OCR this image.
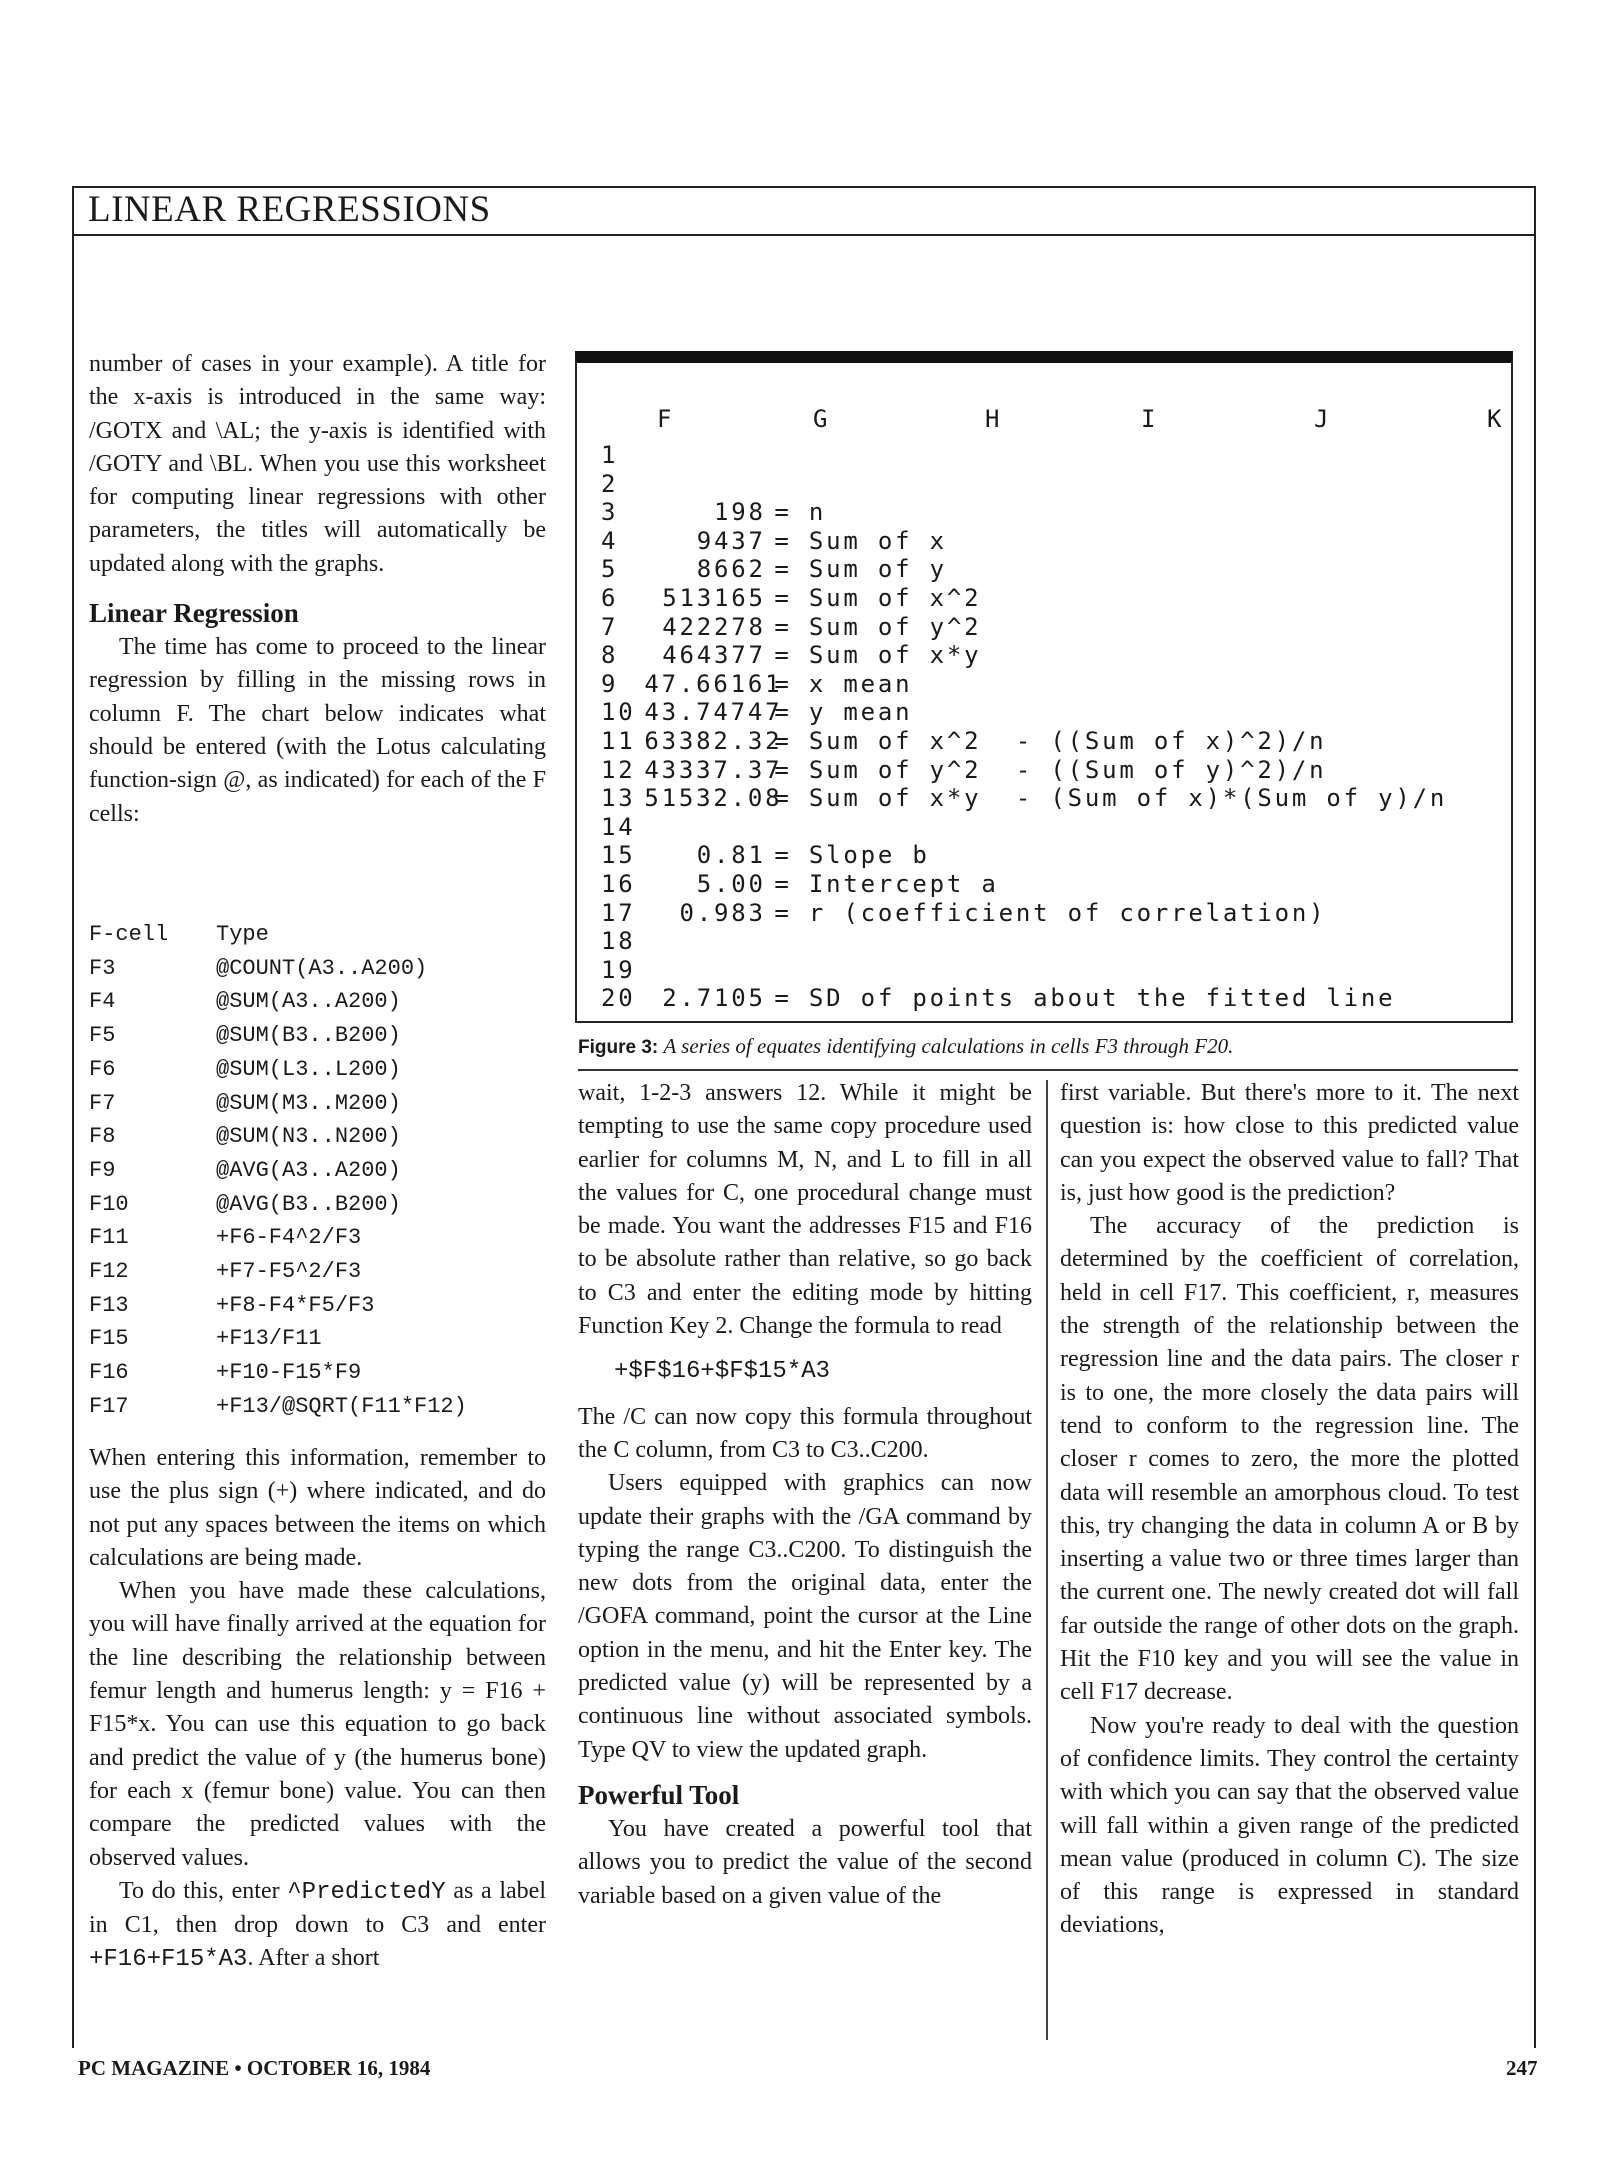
LINEAR REGRESSIONS

number of cases in your example). A title for the x-axis is introduced in the same way: /GOTX and \AL; the y-axis is identified with /GOTY and \BL. When you use this worksheet for computing linear regressions with other parameters, the titles will automatically be updated along with the graphs.

Linear Regression

The time has come to proceed to the linear regression by filling in the missing rows in column F. The chart below indicates what should be entered (with the Lotus calculating function-sign @, as indicated) for each of the F cells:

F-cell	Type
F3	@COUNT(A3..A200)
F4	@SUM(A3..A200)
F5	@SUM(B3..B200)
F6	@SUM(L3..L200)
F7	@SUM(M3..M200)
F8	@SUM(N3..N200)
F9	@AVG(A3..A200)
F10	@AVG(B3..B200)
F11	+F6-F4^2/F3
F12	+F7-F5^2/F3
F13	+F8-F4*F5/F3
F15	+F13/F11
F16	+F10-F15*F9
F17	+F13/@SQRT(F11*F12)

When entering this information, remember to use the plus sign (+) where indicated, and do not put any spaces between the items on which calculations are being made.

When you have made these calculations, you will have finally arrived at the equation for the line describing the relationship between femur length and humerus length: y = F16 + F15*x. You can use this equation to go back and predict the value of y (the humerus bone) for each x (femur bone) value. You can then compare the predicted values with the observed values.

To do this, enter ^PredictedY as a label in C1, then drop down to C3 and enter +F16+F15*A3. After a short

F	G	H	I	J	K
1
2
3	198 = n
4	9437 = Sum of x
5	8662 = Sum of y
6 513165 = Sum of x^2
7 422278 = Sum of y^2
8 464377 = Sum of x*y
9 47.66161= x mean
10 43.74747= y mean
11 63382.32= Sum of x^2  - ((Sum of x)^2)/n
12 43337.37= Sum of y^2  - ((Sum of y)^2)/n
13 51532.08= Sum of x*y  - (Sum of x)*(Sum of y)/n
14
15	0.81 = Slope b
16	5.00 = Intercept a
17 0.983 = r (coefficient of correlation)
18
19
20 2.7105 = SD of points about the fitted line
Figure 3: A series of equates identifying calculations in cells F3 through F20.

wait, 1-2-3 answers 12. While it might be tempting to use the same copy procedure used earlier for columns M, N, and L to fill in all the values for C, one procedural change must be made. You want the addresses F15 and F16 to be absolute rather than relative, so go back to C3 and enter the editing mode by hitting Function Key 2. Change the formula to read

+$F$16+$F$15*A3

The /C can now copy this formula throughout the C column, from C3 to C3..C200.

Users equipped with graphics can now update their graphs with the /GA command by typing the range C3..C200. To distinguish the new dots from the original data, enter the /GOFA command, point the cursor at the Line option in the menu, and hit the Enter key. The predicted value (y) will be represented by a continuous line without associated symbols. Type QV to view the updated graph.

Powerful Tool

You have created a powerful tool that allows you to predict the value of the second variable based on a given value of the

first variable. But there's more to it. The next question is: how close to this predicted value can you expect the observed value to fall? That is, just how good is the prediction?

The accuracy of the prediction is determined by the coefficient of correlation, held in cell F17. This coefficient, r, measures the strength of the relationship between the regression line and the data pairs. The closer r is to one, the more closely the data pairs will tend to conform to the regression line. The closer r comes to zero, the more the plotted data will resemble an amorphous cloud. To test this, try changing the data in column A or B by inserting a value two or three times larger than the current one. The newly created dot will fall far outside the range of other dots on the graph. Hit the F10 key and you will see the value in cell F17 decrease.

Now you're ready to deal with the question of confidence limits. They control the certainty with which you can say that the observed value will fall within a given range of the predicted mean value (produced in column C). The size of this range is expressed in standard deviations,

PC MAGAZINE • OCTOBER 16, 1984	247
